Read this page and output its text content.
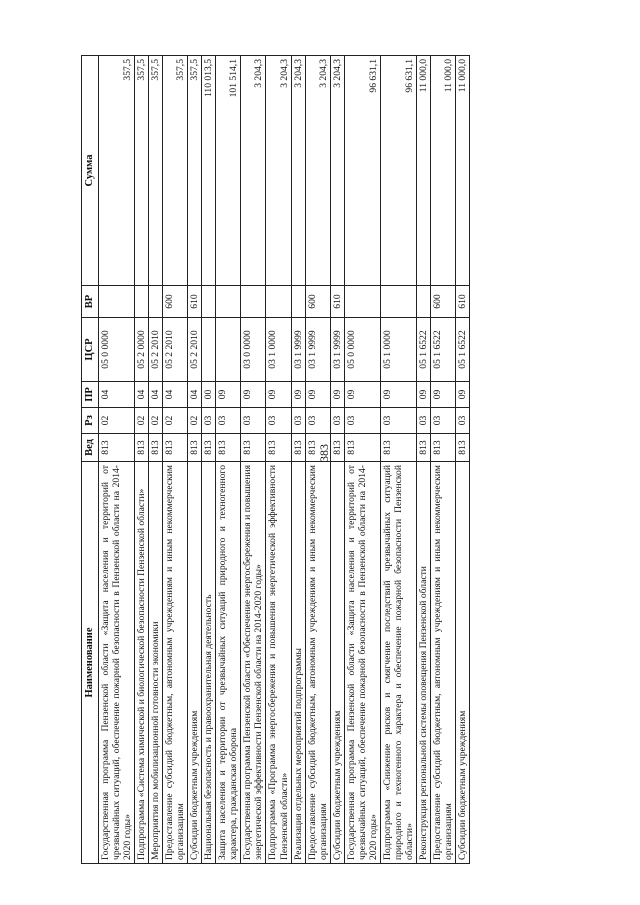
383
Наименование	Вед	Рз	ПР	ЦСР	ВР	Сумма
Государственная программа Пензенской области «Защита населения и территорий от чрезвычайных ситуаций, обеспечение пожарной безопасности в Пензенской области на 2014-2020 годы»	813	02	04	05 0 0000		357,5
Подпрограмма «Система химической и биологической безопасности Пензенской области»	813	02	04	05 2 0000		357,5
Мероприятия по мобилизационной готовности экономики	813	02	04	05 2 2010		357,5
Предоставление субсидий бюджетным, автономным учреждениям и иным некоммерческим организациям	813	02	04	05 2 2010	600	357,5
Субсидии бюджетным учреждениям	813	02	04	05 2 2010	610	357,5
Национальная безопасность и правоохранительная деятельность	813	03	00			110 013,5
Защита населения и территории от чрезвычайных ситуаций природного и техногенного характера, гражданская оборона	813	03	09			101 514,1
Государственная программа Пензенской области «Обеспечение энергосбережения и повышения энергетической эффективности Пензенской области на 2014-2020 годы»	813	03	09	03 0 0000		3 204,3
Подпрограмма «Программа энергосбережения и повышения энергетической эффективности Пензенской области»	813	03	09	03 1 0000		3 204,3
Реализация отдельных мероприятий подпрограммы	813	03	09	03 1 9999		3 204,3
Предоставление субсидий бюджетным, автономным учреждениям и иным некоммерческим организациям	813	03	09	03 1 9999	600	3 204,3
Субсидии бюджетным учреждениям	813	03	09	03 1 9999	610	3 204,3
Государственная программа Пензенской области «Защита населения и территорий от чрезвычайных ситуаций, обеспечение пожарной безопасности в Пензенской области на 2014-2020 годы»	813	03	09	05 0 0000		96 631,1
Подпрограмма «Снижение рисков и смягчение последствий чрезвычайных ситуаций природного и техногенного характера и обеспечение пожарной безопасности Пензенской области»	813	03	09	05 1 0000		96 631,1
Реконструкция региональной системы оповещения Пензенской области	813	03	09	05 1 6522		11 000,0
Предоставление субсидий бюджетным, автономным учреждениям и иным некоммерческим организациям	813	03	09	05 1 6522	600	11 000,0
Субсидии бюджетным учреждениям	813	03	09	05 1 6522	610	11 000,0
